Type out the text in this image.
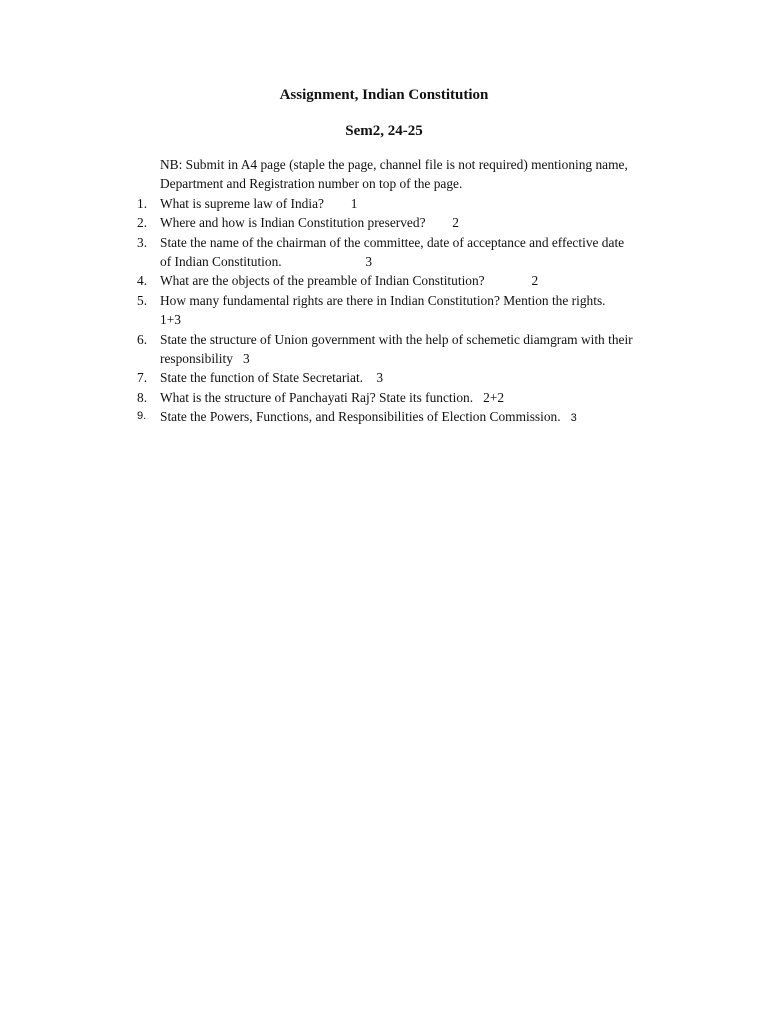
Assignment, Indian Constitution
Sem2, 24-25

NB: Submit in A4 page (staple the page, channel file is not required) mentioning name, Department and Registration number on top of the page.

1. What is supreme law of India? 1
2. Where and how is Indian Constitution preserved? 2
3. State the name of the chairman of the committee, date of acceptance and effective date of Indian Constitution.	3
4. What are the objects of the preamble of Indian Constitution?	2
5. How many fundamental rights are there in Indian Constitution? Mention the rights.
1+3
6. State the structure of Union government with the help of schemetic diamgram with their responsibility 3
7. State the function of State Secretariat. 3
8. What is the structure of Panchayati Raj? State its function. 2+2
9.	State the Powers, Functions, and Responsibilities of Election Commission. 3
